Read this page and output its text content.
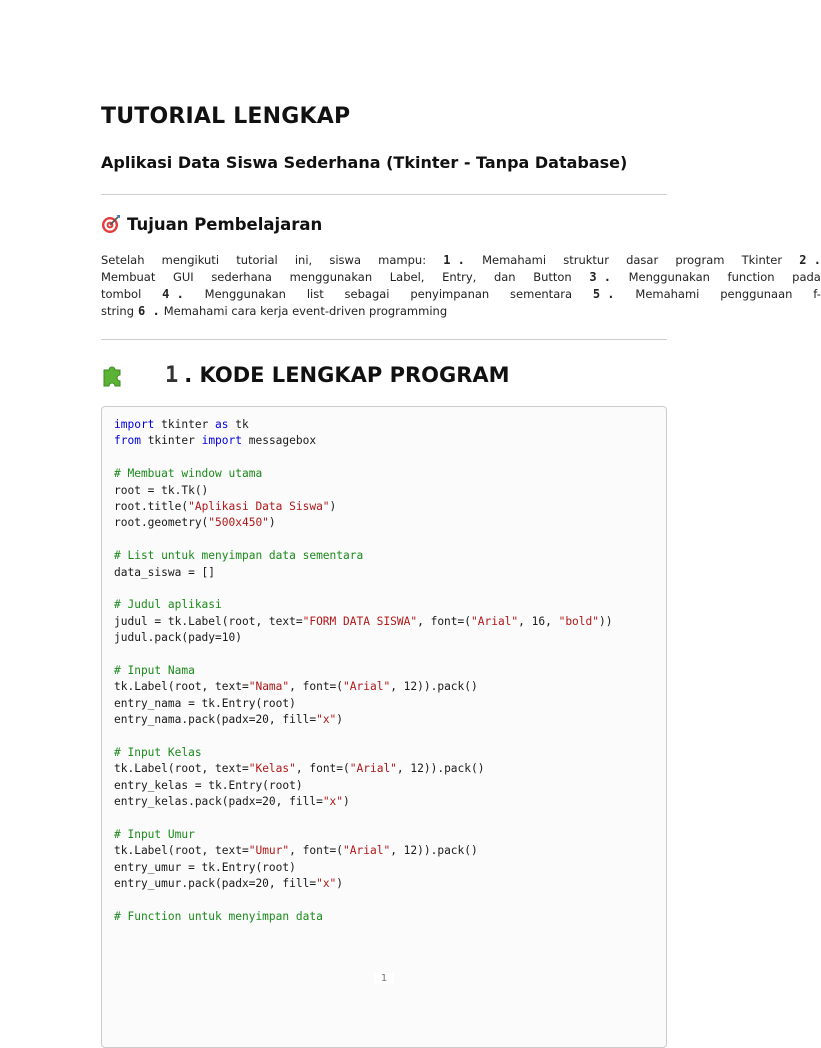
TUTORIAL LENGKAP
Aplikasi Data Siswa Sederhana (Tkinter - Tanpa Database)
Tujuan Pembelajaran
Setelah mengikuti tutorial ini, siswa mampu: 1 . Memahami struktur dasar program Tkinter 2 .
Membuat GUI sederhana menggunakan Label, Entry, dan Button 3 . Menggunakan function pada
tombol 4 . Menggunakan list sebagai penyimpanan sementara 5 . Memahami penggunaan f-
string 6 . Memahami cara kerja event-driven programming
1 . KODE LENGKAP PROGRAM
import tkinter as tk
from tkinter import messagebox
# Membuat window utama
root = tk.Tk()
root.title("Aplikasi Data Siswa")
root.geometry("500x450")
# List untuk menyimpan data sementara
data_siswa = []
# Judul aplikasi
judul = tk.Label(root, text="FORM DATA SISWA", font=("Arial", 16, "bold"))
judul.pack(pady=10)
# Input Nama
tk.Label(root, text="Nama", font=("Arial", 12)).pack()
entry_nama = tk.Entry(root)
entry_nama.pack(padx=20, fill="x")
# Input Kelas
tk.Label(root, text="Kelas", font=("Arial", 12)).pack()
entry_kelas = tk.Entry(root)
entry_kelas.pack(padx=20, fill="x")
# Input Umur
tk.Label(root, text="Umur", font=("Arial", 12)).pack()
entry_umur = tk.Entry(root)
entry_umur.pack(padx=20, fill="x")
# Function untuk menyimpan data
1
